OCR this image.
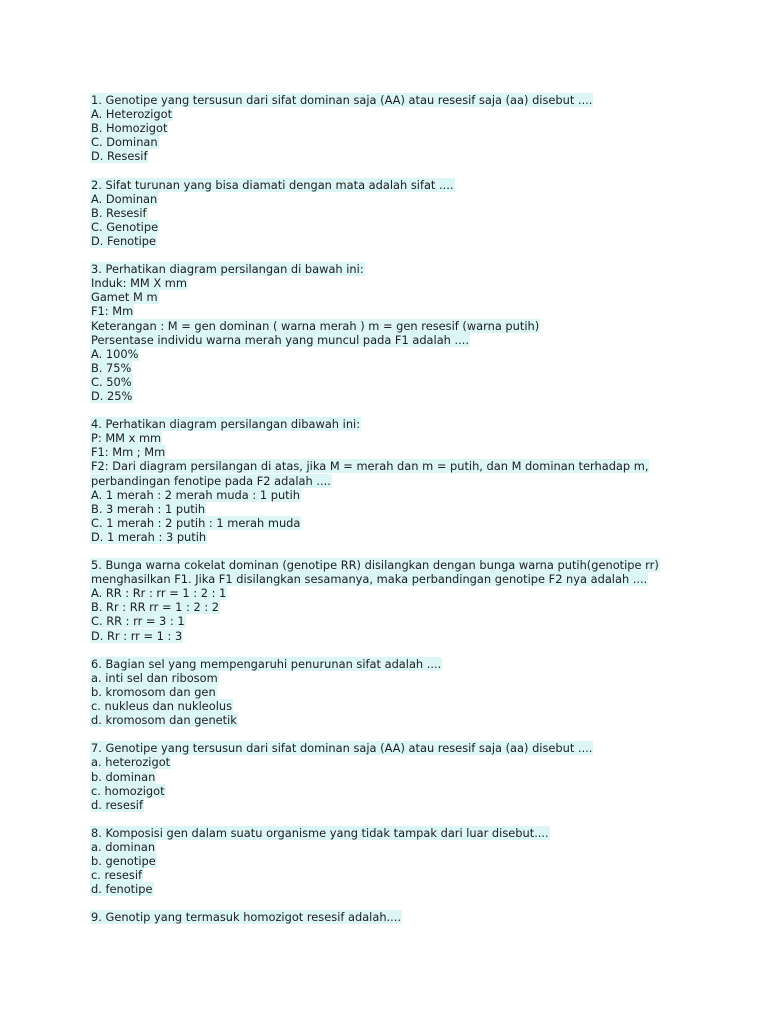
1. Genotipe yang tersusun dari sifat dominan saja (AA) atau resesif saja (aa) disebut ....
A. Heterozigot
B. Homozigot
C. Dominan
D. Resesif
2. Sifat turunan yang bisa diamati dengan mata adalah sifat ....
A. Dominan
B. Resesif
C. Genotipe
D. Fenotipe
3. Perhatikan diagram persilangan di bawah ini:
Induk: MM X mm
Gamet M m
F1: Mm
Keterangan : M = gen dominan ( warna merah ) m = gen resesif (warna putih)
Persentase individu warna merah yang muncul pada F1 adalah ....
A. 100%
B. 75%
C. 50%
D. 25%
4. Perhatikan diagram persilangan dibawah ini:
P: MM x mm
F1: Mm ; Mm
F2: Dari diagram persilangan di atas, jika M = merah dan m = putih, dan M dominan terhadap m,
perbandingan fenotipe pada F2 adalah ....
A. 1 merah : 2 merah muda : 1 putih
B. 3 merah : 1 putih
C. 1 merah : 2 putih : 1 merah muda
D. 1 merah : 3 putih
5. Bunga warna cokelat dominan (genotipe RR) disilangkan dengan bunga warna putih(genotipe rr)
menghasilkan F1. Jika F1 disilangkan sesamanya, maka perbandingan genotipe F2 nya adalah ....
A. RR : Rr : rr = 1 : 2 : 1
B. Rr : RR rr = 1 : 2 : 2
C. RR : rr = 3 : 1
D. Rr : rr = 1 : 3
6. Bagian sel yang mempengaruhi penurunan sifat adalah ....
a. inti sel dan ribosom
b. kromosom dan gen
c. nukleus dan nukleolus
d. kromosom dan genetik
7. Genotipe yang tersusun dari sifat dominan saja (AA) atau resesif saja (aa) disebut ....
a. heterozigot
b. dominan
c. homozigot
d. resesif
8. Komposisi gen dalam suatu organisme yang tidak tampak dari luar disebut....
a. dominan
b. genotipe
c. resesif
d. fenotipe
9. Genotip yang termasuk homozigot resesif adalah....
